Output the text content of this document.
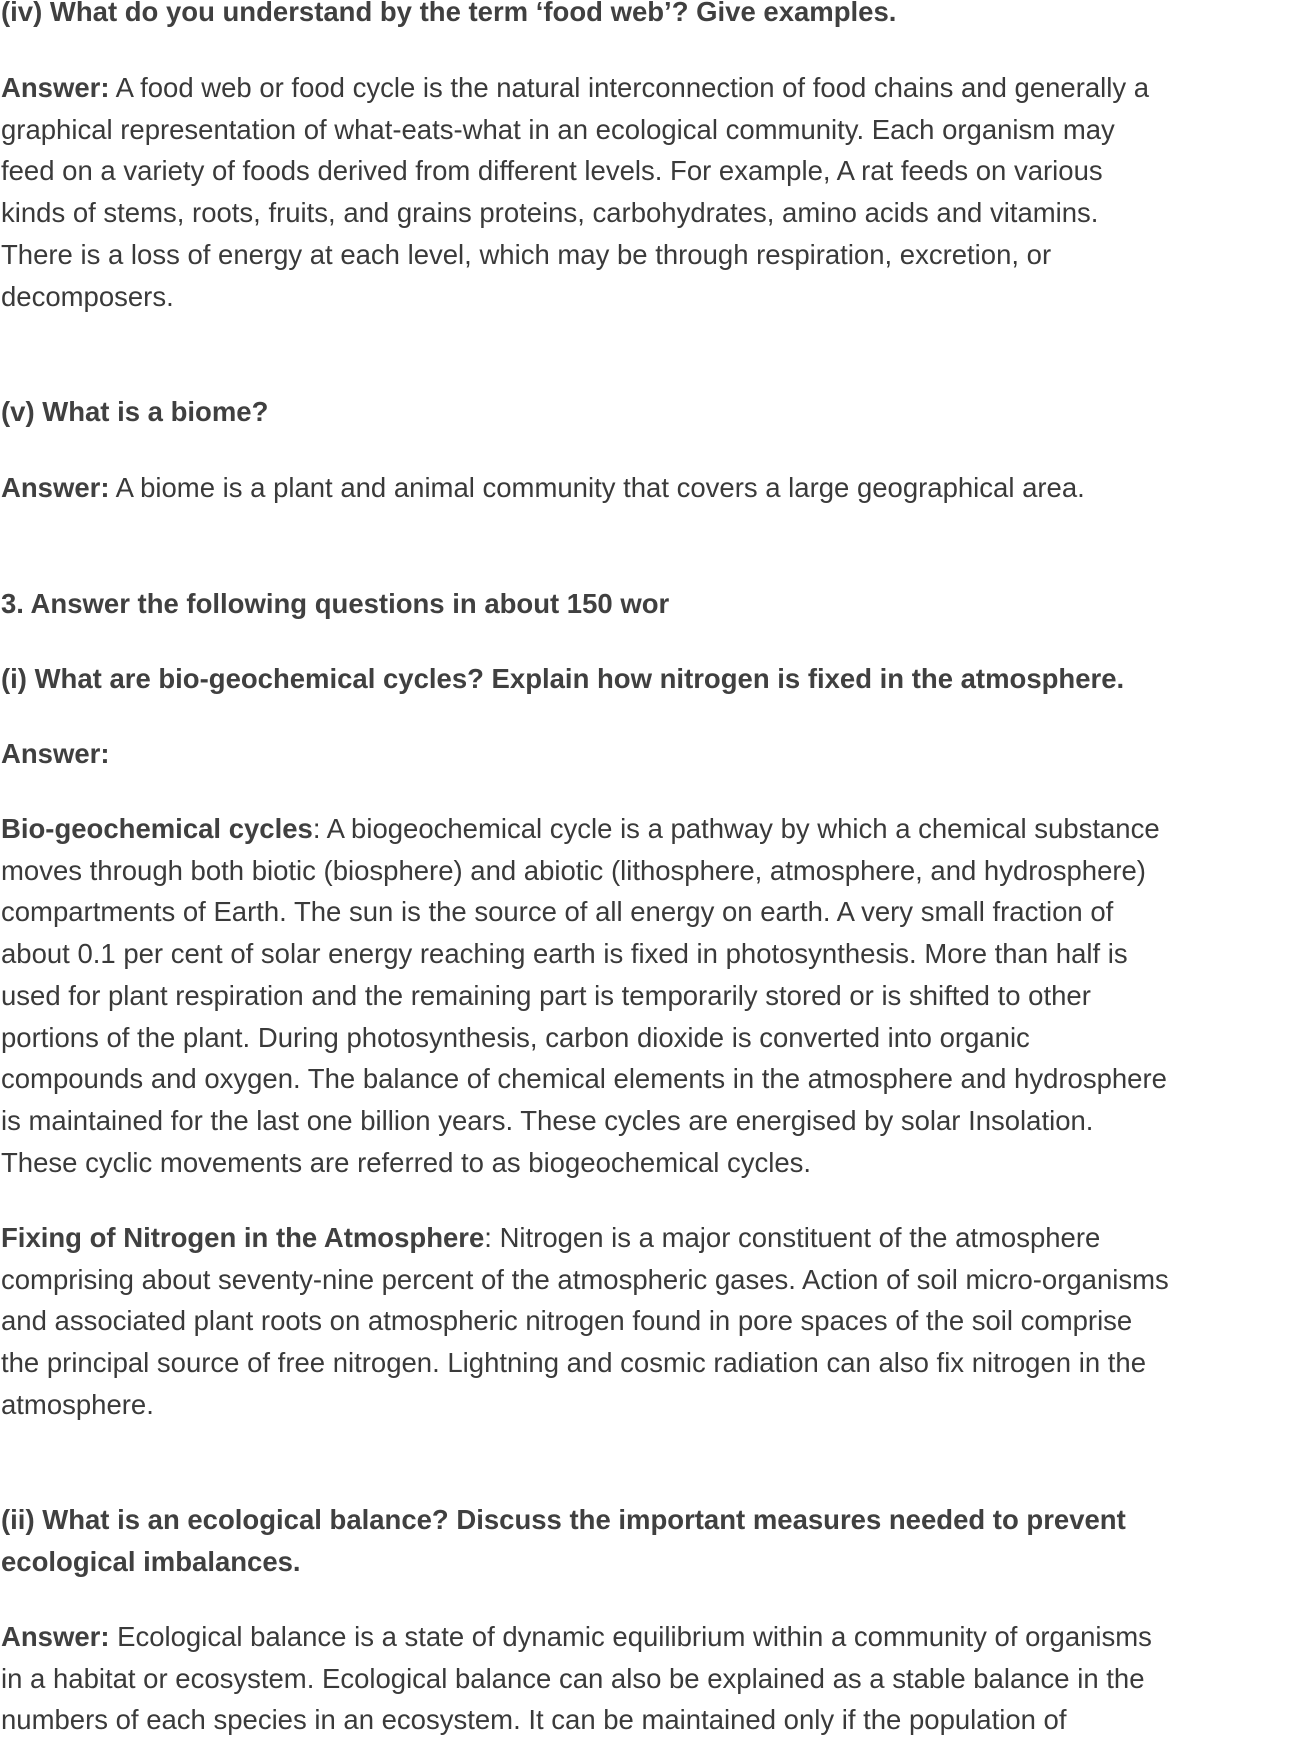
(iv) What do you understand by the term ‘food web’? Give examples.

Answer: A food web or food cycle is the natural interconnection of food chains and generally a
graphical representation of what-eats-what in an ecological community. Each organism may
feed on a variety of foods derived from different levels. For example, A rat feeds on various
kinds of stems, roots, fruits, and grains proteins, carbohydrates, amino acids and vitamins.
There is a loss of energy at each level, which may be through respiration, excretion, or
decomposers.

(v) What is a biome?

Answer: A biome is a plant and animal community that covers a large geographical area.

3. Answer the following questions in about 150 wor

(i) What are bio-geochemical cycles? Explain how nitrogen is fixed in the atmosphere.

Answer:

Bio-geochemical cycles: A biogeochemical cycle is a pathway by which a chemical substance
moves through both biotic (biosphere) and abiotic (lithosphere, atmosphere, and hydrosphere)
compartments of Earth. The sun is the source of all energy on earth. A very small fraction of
about 0.1 per cent of solar energy reaching earth is fixed in photosynthesis. More than half is
used for plant respiration and the remaining part is temporarily stored or is shifted to other
portions of the plant. During photosynthesis, carbon dioxide is converted into organic
compounds and oxygen. The balance of chemical elements in the atmosphere and hydrosphere
is maintained for the last one billion years. These cycles are energised by solar Insolation.
These cyclic movements are referred to as biogeochemical cycles.

Fixing of Nitrogen in the Atmosphere: Nitrogen is a major constituent of the atmosphere
comprising about seventy-nine percent of the atmospheric gases. Action of soil micro-organisms
and associated plant roots on atmospheric nitrogen found in pore spaces of the soil comprise
the principal source of free nitrogen. Lightning and cosmic radiation can also fix nitrogen in the
atmosphere.

(ii) What is an ecological balance? Discuss the important measures needed to prevent
ecological imbalances.

Answer: Ecological balance is a state of dynamic equilibrium within a community of organisms
in a habitat or ecosystem. Ecological balance can also be explained as a stable balance in the
numbers of each species in an ecosystem. It can be maintained only if the population of
